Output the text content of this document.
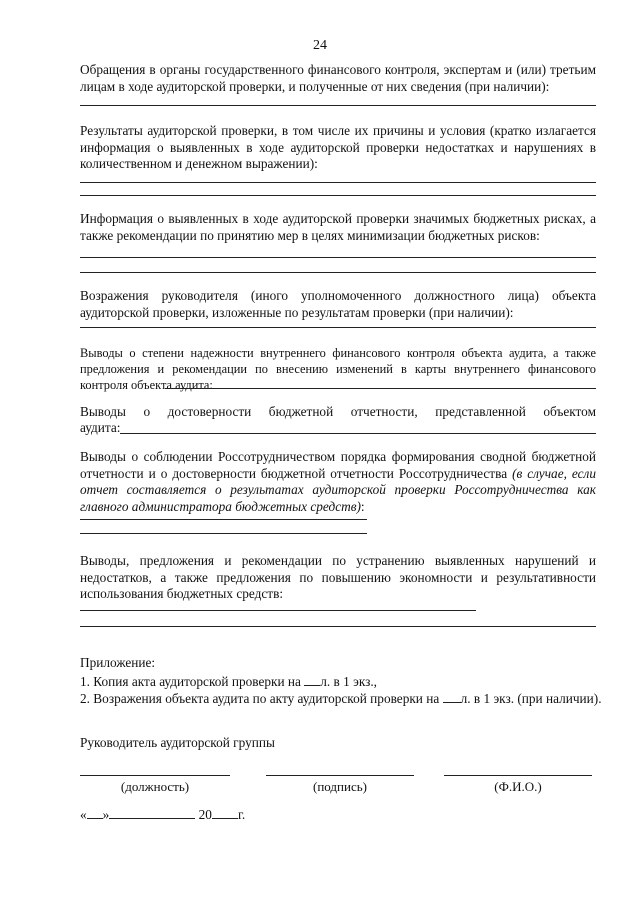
24
Обращения в органы государственного финансового контроля, экспертам и (или) третьим лицам в ходе аудиторской проверки, и полученные от них сведения (при наличии):
Результаты аудиторской проверки, в том числе их причины и условия (кратко излагается информация о выявленных в ходе аудиторской проверки недостатках и нарушениях в количественном и денежном выражении):
Информация о выявленных в ходе аудиторской проверки значимых бюджетных рисках, а также рекомендации по принятию мер в целях минимизации бюджетных рисков:
Возражения руководителя (иного уполномоченного должностного лица) объекта аудиторской проверки, изложенные по результатам проверки (при наличии):
Выводы о степени надежности внутреннего финансового контроля объекта аудита, а также предложения и рекомендации по внесению изменений в карты внутреннего финансового контроля объекта аудита:
Выводы о достоверности бюджетной отчетности, представленной объектом
аудита:
Выводы о соблюдении Россотрудничеством порядка формирования сводной бюджетной отчетности и о достоверности бюджетной отчетности Россотрудничества (в случае, если отчет составляется о результатах аудиторской проверки Россотрудничества как главного администратора бюджетных средств):
Выводы, предложения и рекомендации по устранению выявленных нарушений и недостатков, а также предложения по повышению экономности и результативности использования бюджетных средств:
Приложение:
1. Копия акта аудиторской проверки на л. в 1 экз.,
2. Возражения объекта аудита по акту аудиторской проверки на л. в 1 экз. (при наличии).
Руководитель аудиторской группы
(должность)	(подпись)	(Ф.И.О.)
« »	20 г.
